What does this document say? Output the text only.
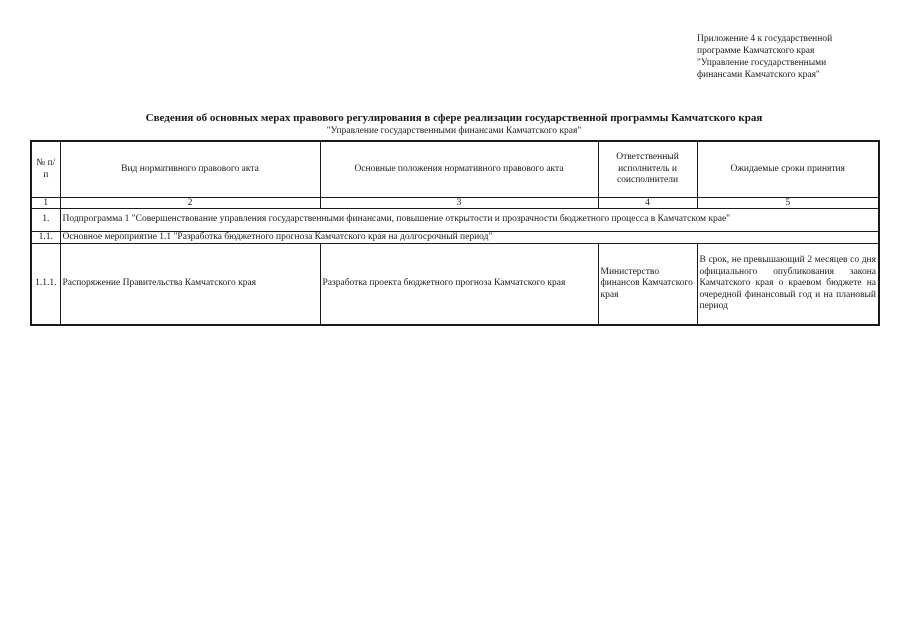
Приложение 4 к государственной
программе Камчатского края
"Управление государственными
финансами Камчатского края"
Сведения об основных мерах правового регулирования в сфере реализации государственной программы Камчатского края
"Управление государственными финансами Камчатского края"
№ п/п	Вид нормативного правового акта	Основные положения нормативного правового акта	Ответственный исполнитель и соисполнители	Ожидаемые сроки принятия
1	2	3	4	5
1.	Подпрограмма 1 "Совершенствование управления государственными финансами, повышение открытости и прозрачности бюджетного процесса в Камчатском крае"			
1.1.	Основное мероприятие 1.1 "Разработка бюджетного прогноза Камчатского края на долгосрочный период"			
1.1.1.	Распоряжение Правительства Камчатского края	Разработка проекта бюджетного прогноза Камчатского края	Министерство финансов Камчатского края	В срок, не превышающий 2 месяцев со дня официального опубликования закона Камчатского края о краевом бюджете на очередной финансовый год и на плановый период
